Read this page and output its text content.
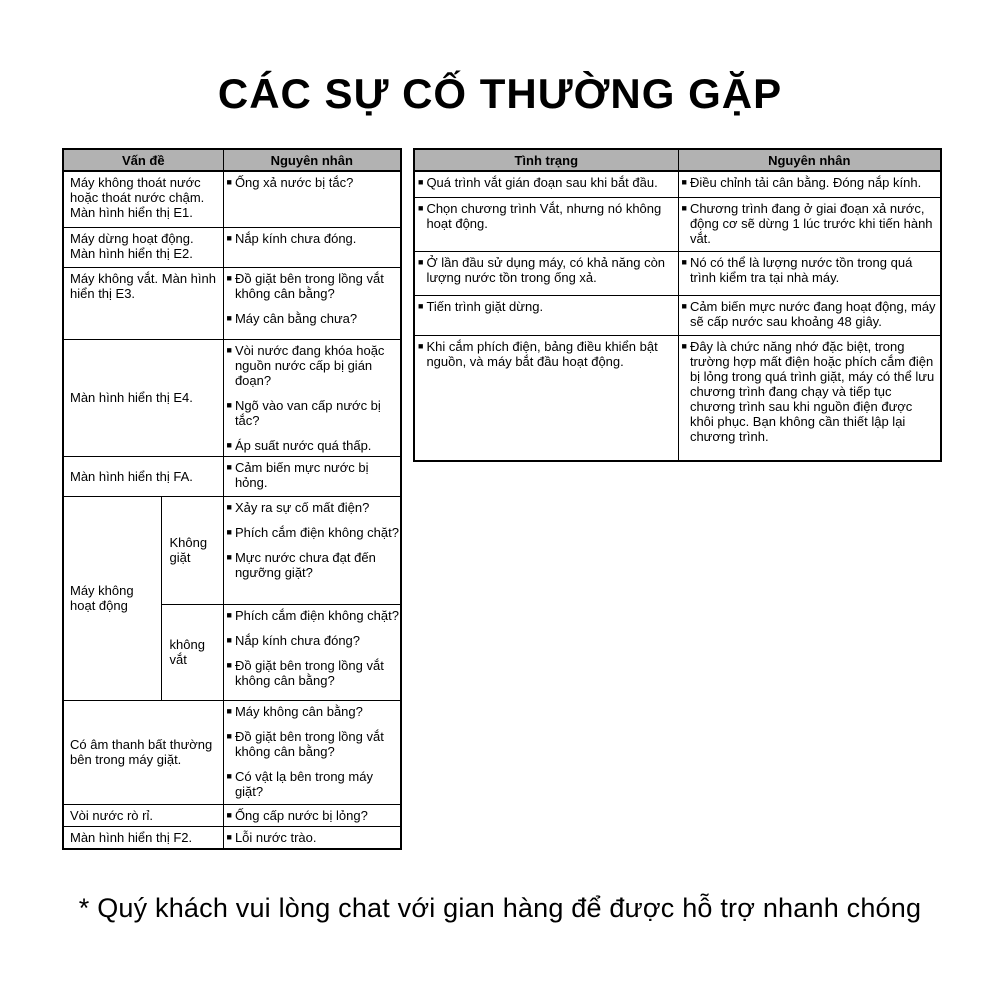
CÁC SỰ CỐ THƯỜNG GẶP
Vấn đề		Nguyên nhân
Máy không thoát nước hoặc thoát nước chậm. Màn hình hiển thị E1.		■ Ống xả nước bị tắc?

Máy dừng hoạt động. Màn hình hiển thị E2.		■ Nắp kính chưa đóng.

Máy không vắt. Màn hình hiển thị E3.		■ Đồ giặt bên trong lồng vắt không cân bằng?
■ Máy cân bằng chưa?

Màn hình hiển thị E4.	
■ Vòi nước đang khóa hoặc nguồn nước cấp bị gián đoạn?
■ Ngõ vào van cấp nước bị tắc?
■ Áp suất nước quá thấp.

Màn hình hiển thị FA.		■ Cảm biến mực nước bị hỏng.

Máy không hoạt động	Không giặt	
■ Xảy ra sự cố mất điện?
■ Phích cắm điện không chặt?
■ Mực nước chưa đạt đến ngưỡng giặt?

không vắt	
■ Phích cắm điện không chặt?
■ Nắp kính chưa đóng?
■ Đồ giặt bên trong lồng vắt không cân bằng?

Có âm thanh bất thường bên trong máy giặt.	
■ Máy không cân bằng?
■ Đồ giặt bên trong lồng vắt không cân bằng?
■ Có vật lạ bên trong máy giặt?

Vòi nước rò rỉ.		■ Ống cấp nước bị lỏng?

Màn hình hiển thị F2.		■ Lỗi nước trào.
Tình trạng	Nguyên nhân

■ Quá trình vắt gián đoạn sau khi bắt đầu.	■ Điều chỉnh tải cân bằng. Đóng nắp kính.

■ Chọn chương trình Vắt, nhưng nó không hoạt động.	■ Chương trình đang ở giai đoạn xả nước, động cơ sẽ dừng 1 lúc trước khi tiến hành vắt.

■ Ở lần đầu sử dụng máy, có khả năng còn lượng nước tồn trong ống xả.	■ Nó có thể là lượng nước tồn trong quá trình kiểm tra tại nhà máy.

■ Tiến trình giặt dừng.	■ Cảm biến mực nước đang hoạt động, máy sẽ cấp nước sau khoảng 48 giây.

■ Khi cắm phích điện, bảng điều khiển bật nguồn, và máy bắt đầu hoạt động.	■ Đây là chức năng nhớ đặc biệt, trong trường hợp mất điện hoặc phích cắm điện bị lỏng trong quá trình giặt, máy có thể lưu chương trình đang chạy và tiếp tục chương trình sau khi nguồn điện được khôi phục. Bạn không cần thiết lập lại chương trình.

* Quý khách vui lòng chat với gian hàng để được hỗ trợ nhanh chóng
